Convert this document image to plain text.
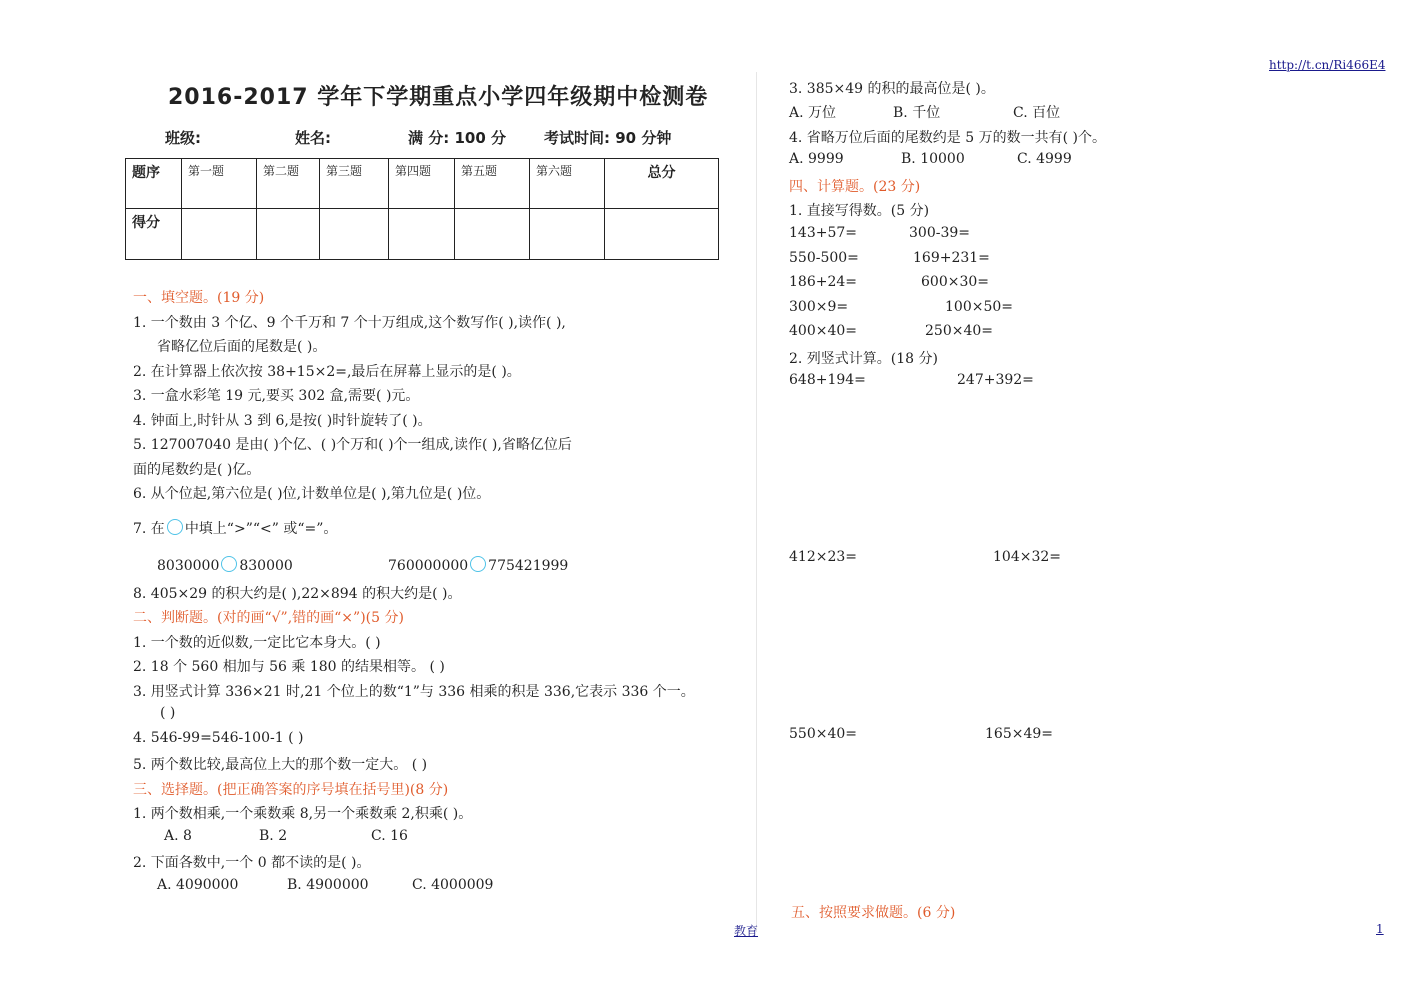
http://t.cn/Ri466E4
2016-2017 学年下学期重点小学四年级期中检测卷
班级:	姓名:	满 分: 100 分	考试时间: 90 分钟
题序	第一题	第二题	第三题	第四题	第五题	第六题	总分
得分							
一、填空题。(19 分)
1. 一个数由 3 个亿、9 个千万和 7 个十万组成,这个数写作( ),读作( ),
省略亿位后面的尾数是( )。
2. 在计算器上依次按 38+15×2=,最后在屏幕上显示的是( )。
3. 一盒水彩笔 19 元,要买 302 盒,需要( )元。
4. 钟面上,时针从 3 到 6,是按( )时针旋转了( )。
5. 127007040 是由( )个亿、( )个万和( )个一组成,读作( ),省略亿位后
面的尾数约是( )亿。
6. 从个位起,第六位是( )位,计数单位是( ),第九位是( )位。
7. 在 中填上“>”“<” 或“=”。
8030000 830000	760000000 775421999
8. 405×29 的积大约是( ),22×894 的积大约是( )。
二、判断题。(对的画“√”,错的画“×”)(5 分)
1. 一个数的近似数,一定比它本身大。( )
2. 18 个 560 相加与 56 乘 180 的结果相等。 ( )
3. 用竖式计算 336×21 时,21 个位上的数“1”与 336 相乘的积是 336,它表示 336 个一。
( )
4. 546-99=546-100-1 ( )
5. 两个数比较,最高位上大的那个数一定大。 ( )
三、选择题。(把正确答案的序号填在括号里)(8 分)
1. 两个数相乘,一个乘数乘 8,另一个乘数乘 2,积乘( )。
A. 8	B. 2	C. 16
2. 下面各数中,一个 0 都不读的是( )。
A. 4090000	B. 4900000	C. 4000009
3. 385×49 的积的最高位是( )。
A. 万位	B. 千位	C. 百位
4. 省略万位后面的尾数约是 5 万的数一共有( )个。
A. 9999	B. 10000	C. 4999
四、计算题。(23 分)
1. 直接写得数。(5 分)
143+57=	300-39=
550-500=	169+231=
186+24=	600×30=
300×9=	100×50=
400×40=	250×40=
2. 列竖式计算。(18 分)
648+194=	247+392=
412×23=	104×32=
550×40=	165×49=
五、按照要求做题。(6 分)
教育	1
